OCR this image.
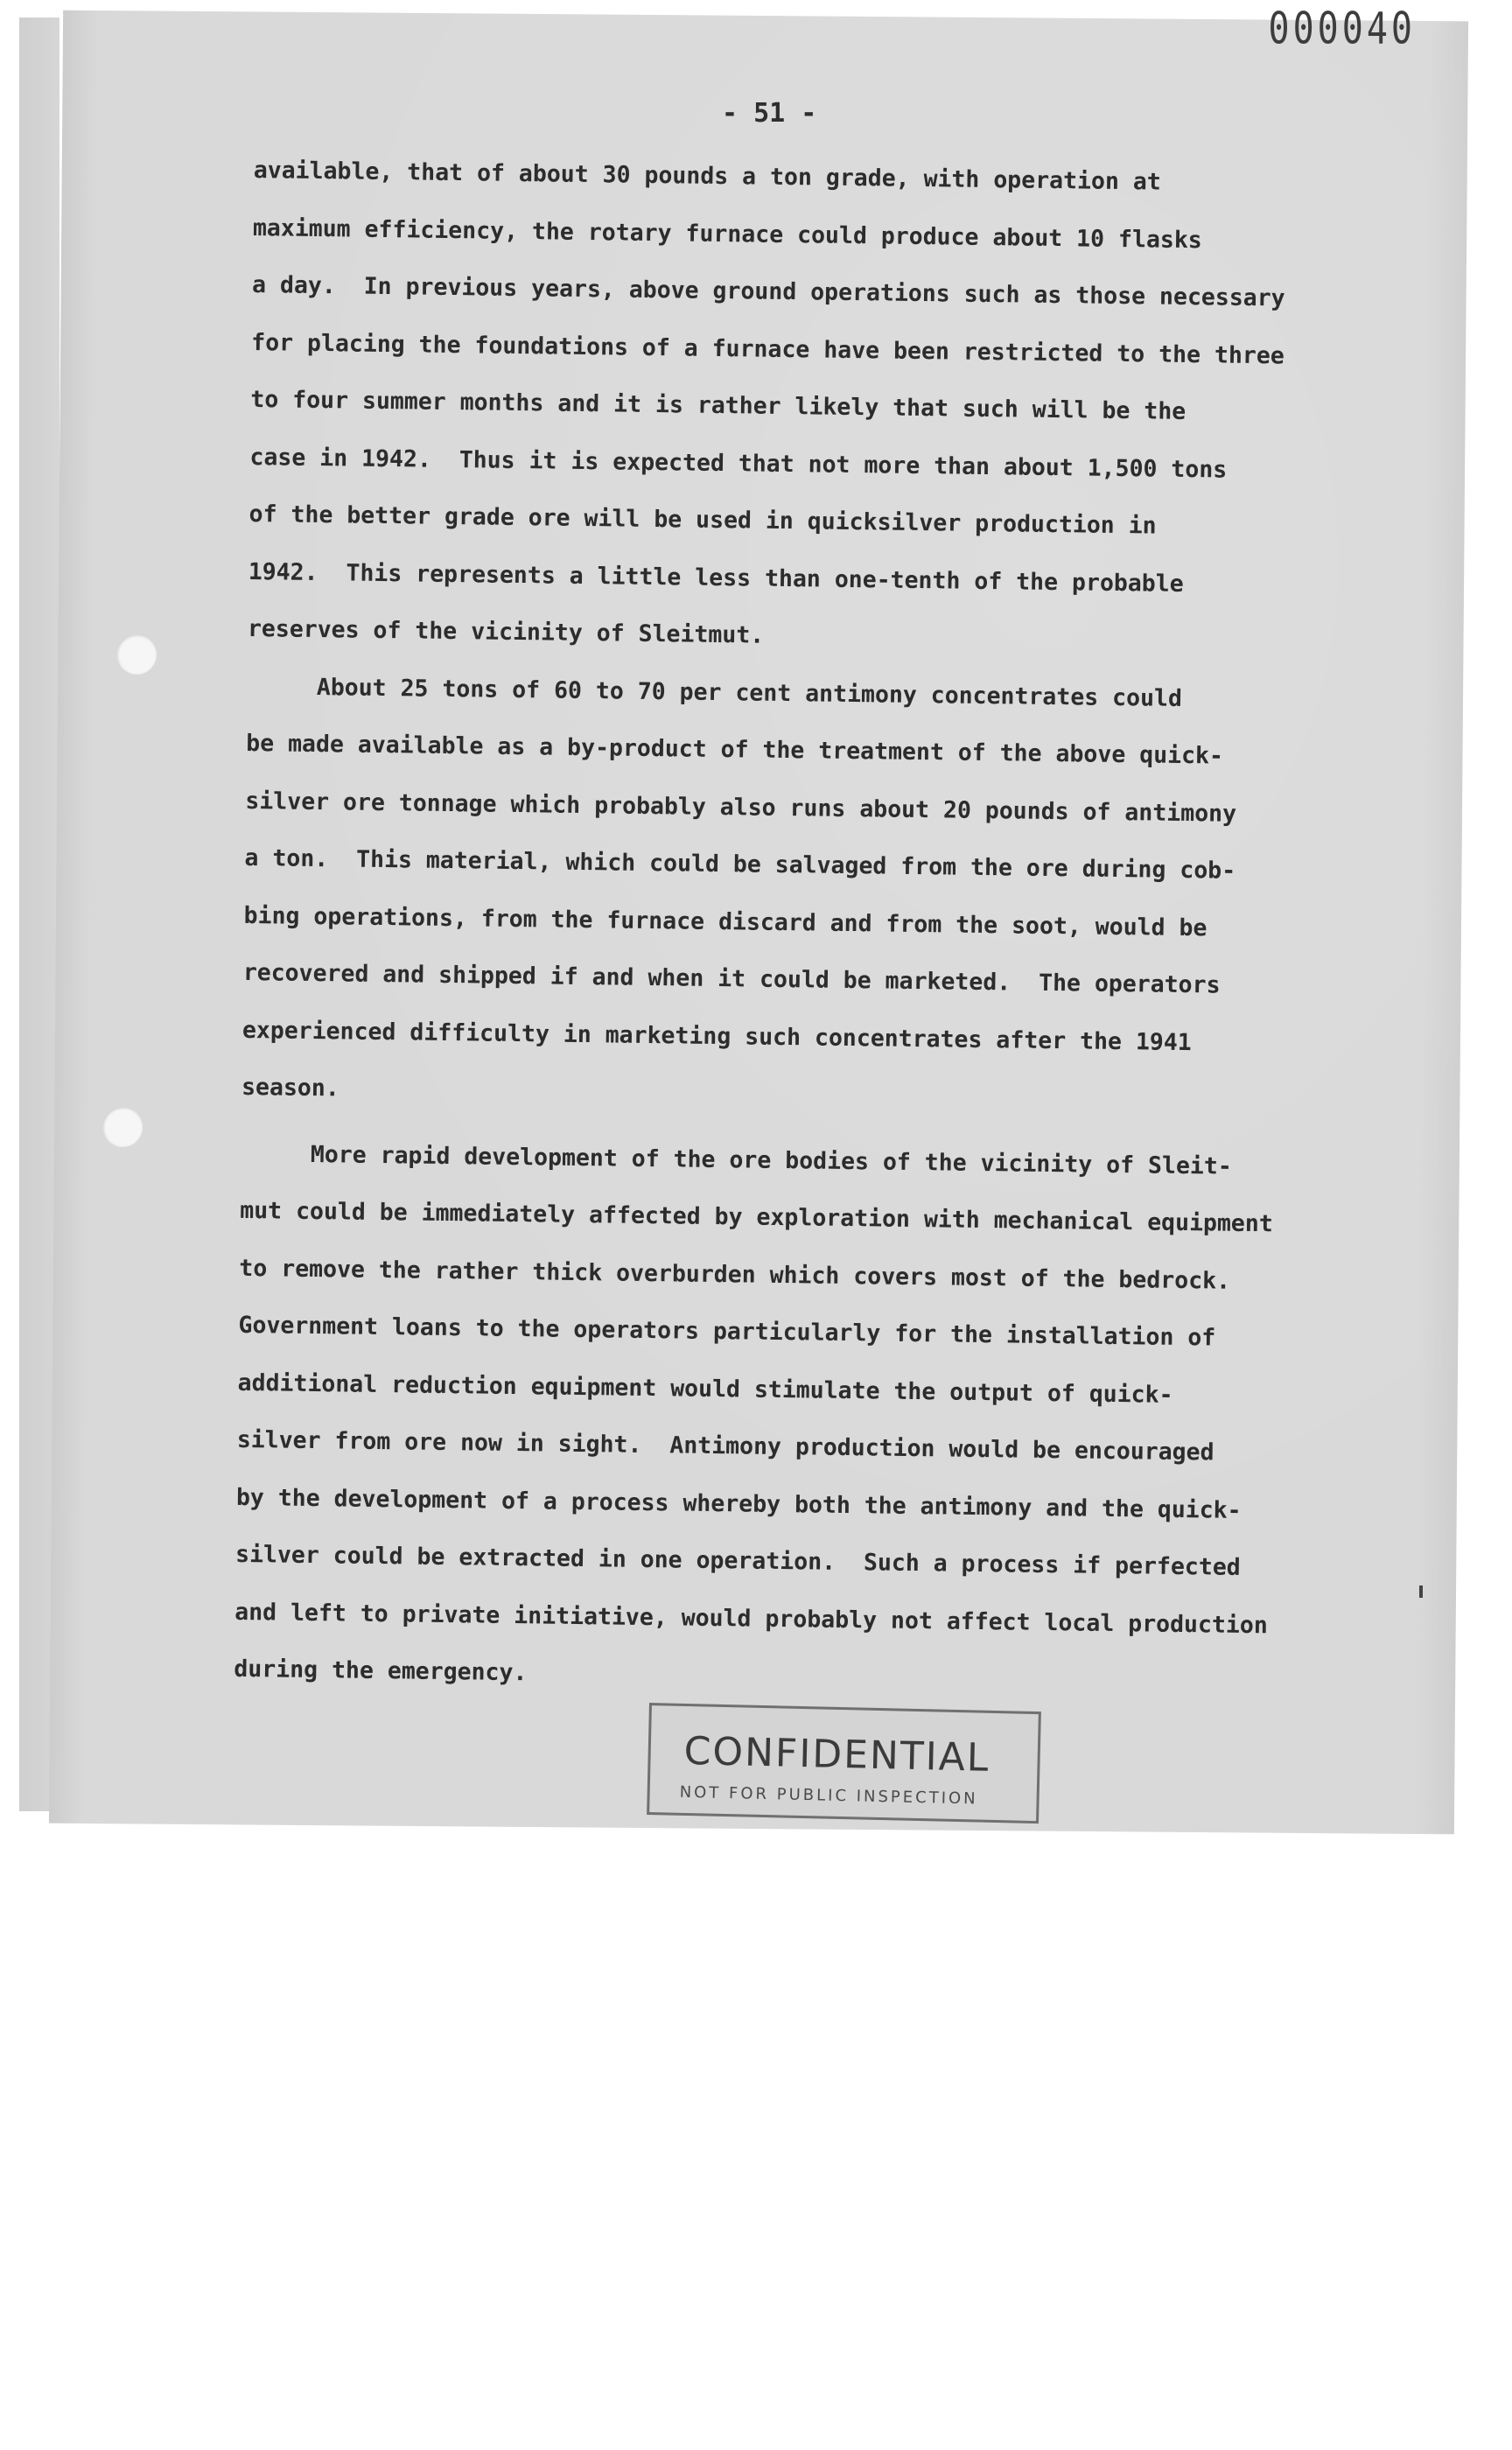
000040
- 51 -
available, that of about 30 pounds a ton grade, with operation at
maximum efficiency, the rotary furnace could produce about 10 flasks
a day.  In previous years, above ground operations such as those necessary
for placing the foundations of a furnace have been restricted to the three
to four summer months and it is rather likely that such will be the
case in 1942.  Thus it is expected that not more than about 1,500 tons
of the better grade ore will be used in quicksilver production in
1942.  This represents a little less than one-tenth of the probable
reserves of the vicinity of Sleitmut.
About 25 tons of 60 to 70 per cent antimony concentrates could
be made available as a by-product of the treatment of the above quick-
silver ore tonnage which probably also runs about 20 pounds of antimony
a ton.  This material, which could be salvaged from the ore during cob-
bing operations, from the furnace discard and from the soot, would be
recovered and shipped if and when it could be marketed.  The operators
experienced difficulty in marketing such concentrates after the 1941
season.
More rapid development of the ore bodies of the vicinity of Sleit-
mut could be immediately affected by exploration with mechanical equipment
to remove the rather thick overburden which covers most of the bedrock.
Government loans to the operators particularly for the installation of
additional reduction equipment would stimulate the output of quick-
silver from ore now in sight.  Antimony production would be encouraged
by the development of a process whereby both the antimony and the quick-
silver could be extracted in one operation.  Such a process if perfected
and left to private initiative, would probably not affect local production
during the emergency.
CONFIDENTIAL
NOT FOR PUBLIC INSPECTION
